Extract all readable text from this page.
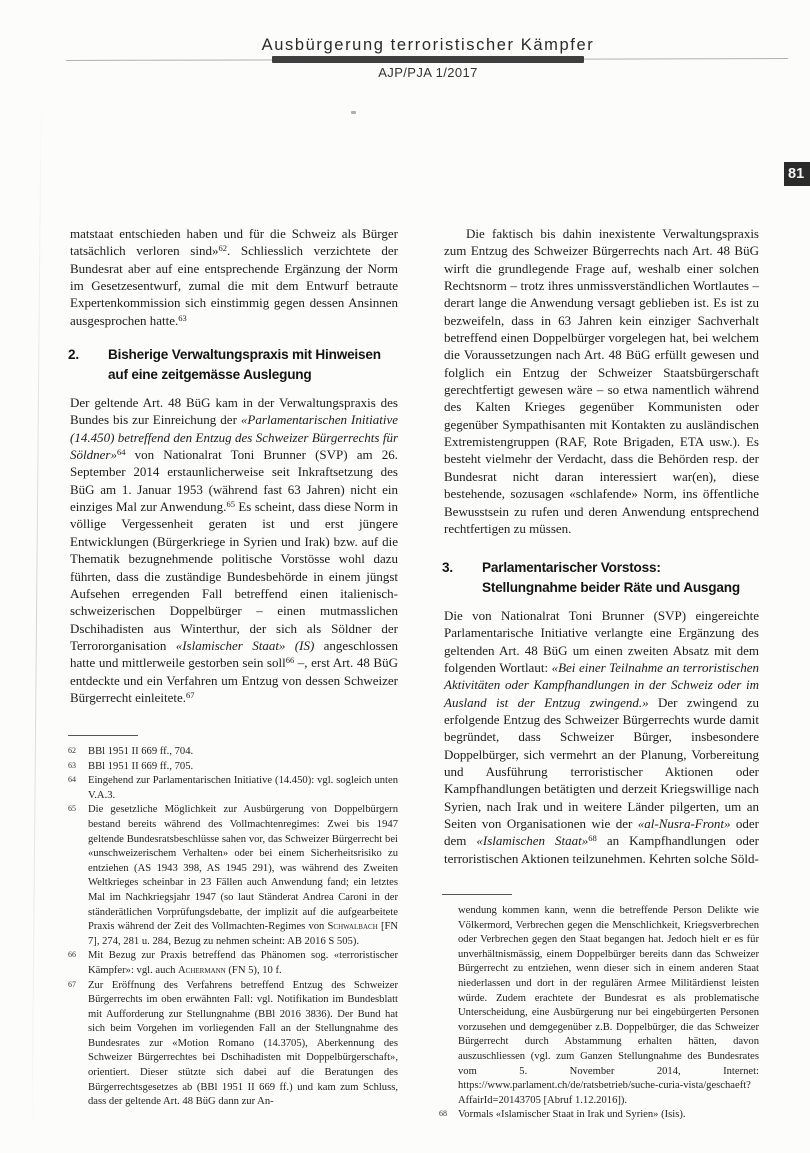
Ausbürgerung terroristischer Kämpfer
AJP/PJA 1/2017
81

matstaat entschieden haben und für die Schweiz als Bürger tatsächlich verloren sind»$^{62}$. Schliesslich verzichtete der Bundesrat aber auf eine entsprechende Ergänzung der Norm im Gesetzesentwurf, zumal die mit dem Entwurf betraute Expertenkommission sich einstimmig gegen dessen Ansinnen ausgesprochen hatte.$^{63}$

2. Bisherige Verwaltungspraxis mit Hinweisen auf eine zeitgemässe Auslegung

Der geltende Art. 48 BüG kam in der Verwaltungspraxis des Bundes bis zur Einreichung der «Parlamentarischen Initiative (14.450) betreffend den Entzug des Schweizer Bürgerrechts für Söldner»$^{64}$ von Nationalrat Toni Brunner (SVP) am 26. September 2014 erstaunlicherweise seit Inkraftsetzung des BüG am 1. Januar 1953 (während fast 63 Jahren) nicht ein einziges Mal zur Anwendung.$^{65}$ Es scheint, dass diese Norm in völlige Vergessenheit geraten ist und erst jüngere Entwicklungen (Bürgerkriege in Syrien und Irak) bzw. auf die Thematik bezugnehmende politische Vorstösse wohl dazu führten, dass die zuständige Bundesbehörde in einem jüngst Aufsehen erregenden Fall betreffend einen italienisch-schweizerischen Doppelbürger – einen mutmasslichen Dschihadisten aus Winterthur, der sich als Söldner der Terrororganisation «Islamischer Staat» (IS) angeschlossen hatte und mittlerweile gestorben sein soll$^{66}$ –, erst Art. 48 BüG entdeckte und ein Verfahren um Entzug von dessen Schweizer Bürgerrecht einleitete.$^{67}$

62 BBl 1951 II 669 ff., 704.
63 BBl 1951 II 669 ff., 705.
64 Eingehend zur Parlamentarischen Initiative (14.450): vgl. sogleich unten V.A.3.
65 Die gesetzliche Möglichkeit zur Ausbürgerung von Doppelbürgern bestand bereits während des Vollmachtenregimes: Zwei bis 1947 geltende Bundesratsbeschlüsse sahen vor, das Schweizer Bürgerrecht bei «unschweizerischem Verhalten» oder bei einem Sicherheitsrisiko zu entziehen (AS 1943 398, AS 1945 291), was während des Zweiten Weltkrieges scheinbar in 23 Fällen auch Anwendung fand; ein letztes Mal im Nachkriegsjahr 1947 (so laut Ständerat Andrea Caroni in der ständerätlichen Vorprüfungsdebatte, der implizit auf die aufgearbeitete Praxis während der Zeit des Vollmachten-Regimes von Schwalbach [FN 7], 274, 281 u. 284, Bezug zu nehmen scheint: AB 2016 S 505).
66 Mit Bezug zur Praxis betreffend das Phänomen sog. «terroristischer Kämpfer»: vgl. auch Achermann (FN 5), 10 f.
67 Zur Eröffnung des Verfahrens betreffend Entzug des Schweizer Bürgerrechts im oben erwähnten Fall: vgl. Notifikation im Bundesblatt mit Aufforderung zur Stellungnahme (BBl 2016 3836). Der Bund hat sich beim Vorgehen im vorliegenden Fall an der Stellungnahme des Bundesrates zur «Motion Romano (14.3705), Aberkennung des Schweizer Bürgerrechtes bei Dschihadisten mit Doppelbürgerschaft», orientiert. Dieser stützte sich dabei auf die Beratungen des Bürgerrechtsgesetzes ab (BBl 1951 II 669 ff.) und kam zum Schluss, dass der geltende Art. 48 BüG dann zur An-

Die faktisch bis dahin inexistente Verwaltungspraxis zum Entzug des Schweizer Bürgerrechts nach Art. 48 BüG wirft die grundlegende Frage auf, weshalb einer solchen Rechtsnorm – trotz ihres unmissverständlichen Wortlautes – derart lange die Anwendung versagt geblieben ist. Es ist zu bezweifeln, dass in 63 Jahren kein einziger Sachverhalt betreffend einen Doppelbürger vorgelegen hat, bei welchem die Voraussetzungen nach Art. 48 BüG erfüllt gewesen und folglich ein Entzug der Schweizer Staatsbürgerschaft gerechtfertigt gewesen wäre – so etwa namentlich während des Kalten Krieges gegenüber Kommunisten oder gegenüber Sympathisanten mit Kontakten zu ausländischen Extremistengruppen (RAF, Rote Brigaden, ETA usw.). Es besteht vielmehr der Verdacht, dass die Behörden resp. der Bundesrat nicht daran interessiert war(en), diese bestehende, sozusagen «schlafende» Norm, ins öffentliche Bewusstsein zu rufen und deren Anwendung entsprechend rechtfertigen zu müssen.

3. Parlamentarischer Vorstoss: Stellungnahme beider Räte und Ausgang

Die von Nationalrat Toni Brunner (SVP) eingereichte Parlamentarische Initiative verlangte eine Ergänzung des geltenden Art. 48 BüG um einen zweiten Absatz mit dem folgenden Wortlaut: «Bei einer Teilnahme an terroristischen Aktivitäten oder Kampfhandlungen in der Schweiz oder im Ausland ist der Entzug zwingend.» Der zwingend zu erfolgende Entzug des Schweizer Bürgerrechts wurde damit begründet, dass Schweizer Bürger, insbesondere Doppelbürger, sich vermehrt an der Planung, Vorbereitung und Ausführung terroristischer Aktionen oder Kampfhandlungen betätigten und derzeit Kriegswillige nach Syrien, nach Irak und in weitere Länder pilgerten, um an Seiten von Organisationen wie der «al-Nusra-Front» oder dem «Islamischen Staat»$^{68}$ an Kampfhandlungen oder terroristischen Aktionen teilzunehmen. Kehrten solche Söld-

wendung kommen kann, wenn die betreffende Person Delikte wie Völkermord, Verbrechen gegen die Menschlichkeit, Kriegsverbrechen oder Verbrechen gegen den Staat begangen hat. Jedoch hielt er es für unverhältnismässig, einem Doppelbürger bereits dann das Schweizer Bürgerrecht zu entziehen, wenn dieser sich in einem anderen Staat niederlassen und dort in der regulären Armee Militärdienst leisten würde. Zudem erachtete der Bundesrat es als problematische Unterscheidung, eine Ausbürgerung nur bei eingebürgerten Personen vorzusehen und demgegenüber z.B. Doppelbürger, die das Schweizer Bürgerrecht durch Abstammung erhalten hätten, davon auszuschliessen (vgl. zum Ganzen Stellungnahme des Bundesrates vom 5. November 2014, Internet: https://www.parlament.ch/de/ratsbetrieb/suche-curia-vista/geschaeft?AffairId=20143705 [Abruf 1.12.2016]).
68 Vormals «Islamischer Staat in Irak und Syrien» (Isis).
